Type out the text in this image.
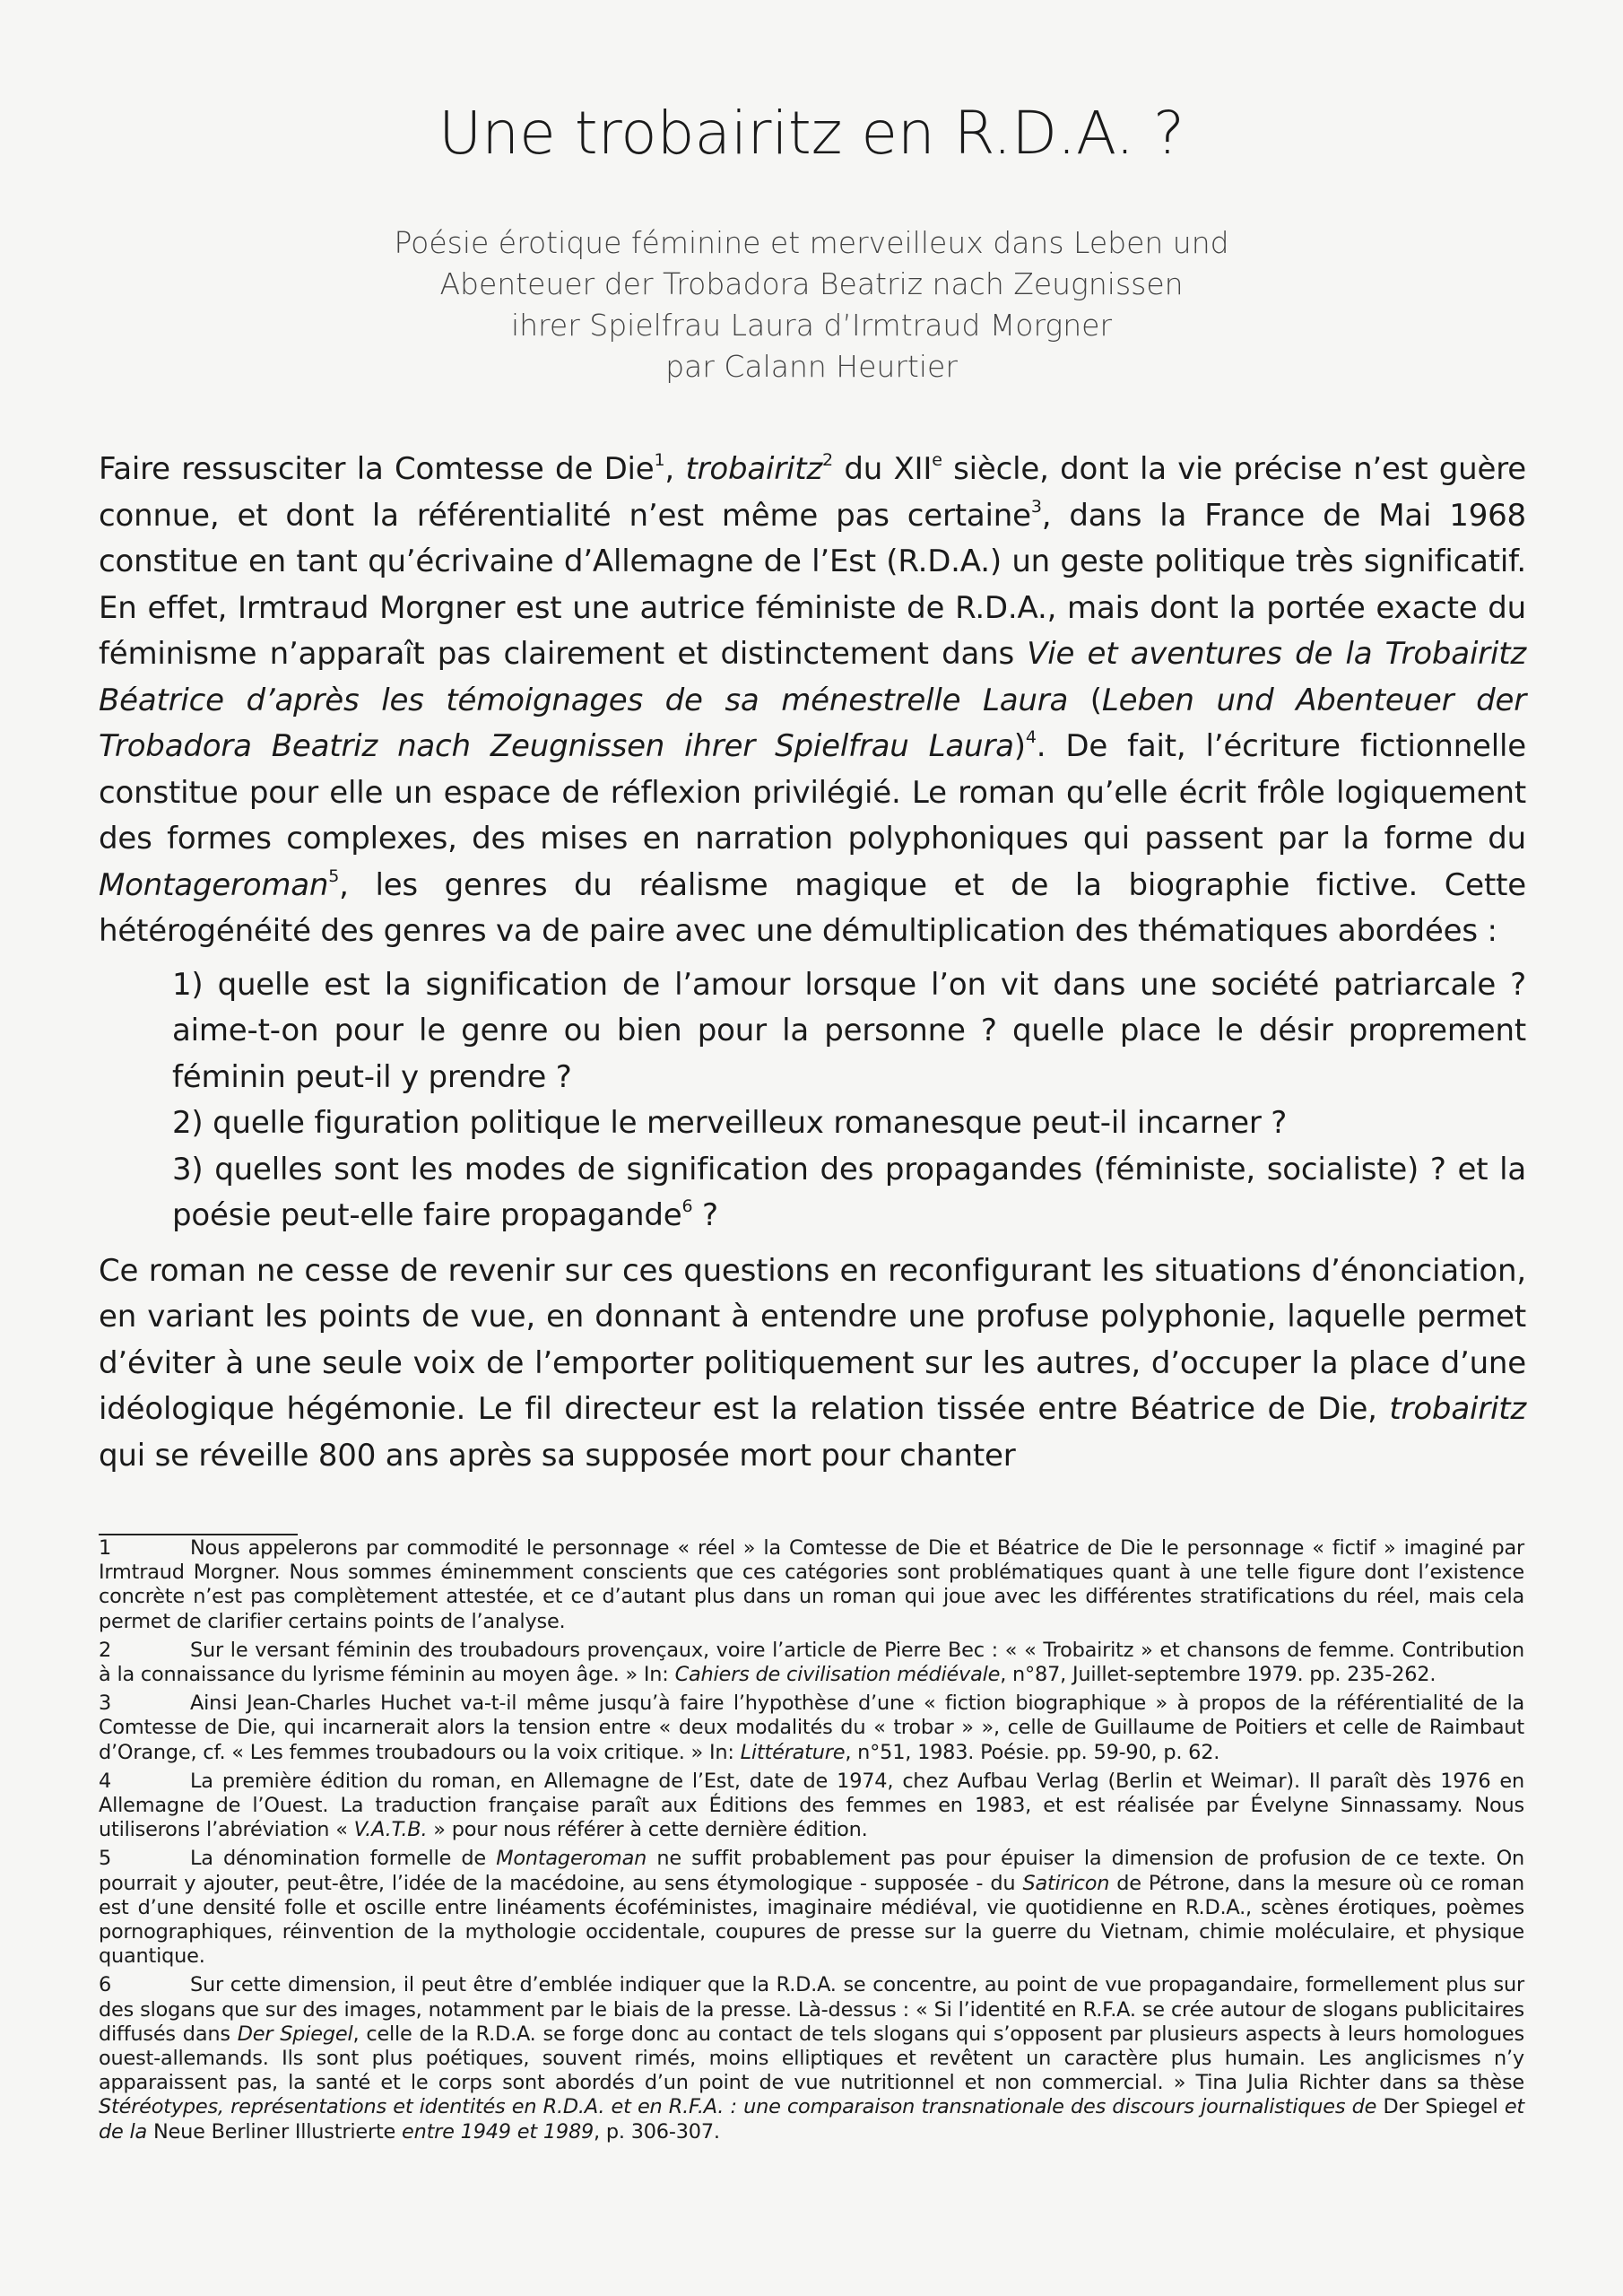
Une trobairitz en R.D.A. ?
Poésie érotique féminine et merveilleux dans Leben und
Abenteuer der Trobadora Beatriz nach Zeugnissen
ihrer Spielfrau Laura d’Irmtraud Morgner
par Calann Heurtier

Faire ressusciter la Comtesse de Die$^1$, trobairitz$^2$ du XIIe siècle, dont la vie précise n’est guère connue, et dont la référentialité n’est même pas certaine$^3$, dans la France de Mai 1968 constitue en tant qu’écrivaine d’Allemagne de l’Est (R.D.A.) un geste politique très significatif. En effet, Irmtraud Morgner est une autrice féministe de R.D.A., mais dont la portée exacte du féminisme n’apparaît pas clairement et distinctement dans Vie et aventures de la Trobairitz Béatrice d’après les témoignages de sa ménestrelle Laura (Leben und Abenteuer der Trobadora Beatriz nach Zeugnissen ihrer Spielfrau Laura)$^4$. De fait, l’écriture fictionnelle constitue pour elle un espace de réflexion privilégié. Le roman qu’elle écrit frôle logiquement des formes complexes, des mises en narration polyphoniques qui passent par la forme du Montageroman$^5$, les genres du réalisme magique et de la biographie fictive. Cette hétérogénéité des genres va de paire avec une démultiplication des thématiques abordées :

1) quelle est la signification de l’amour lorsque l’on vit dans une société patriarcale ? aime-t-on pour le genre ou bien pour la personne ? quelle place le désir proprement féminin peut-il y prendre ?

2) quelle figuration politique le merveilleux romanesque peut-il incarner ?

3) quelles sont les modes de signification des propagandes (féministe, socialiste) ? et la poésie peut-elle faire propagande$^6$ ?

Ce roman ne cesse de revenir sur ces questions en reconfigurant les situations d’énonciation, en variant les points de vue, en donnant à entendre une profuse polyphonie, laquelle permet d’éviter à une seule voix de l’emporter politiquement sur les autres, d’occuper la place d’une idéologique hégémonie. Le fil directeur est la relation tissée entre Béatrice de Die, trobairitz qui se réveille 800 ans après sa supposée mort pour chanter

1	Nous appelerons par commodité le personnage « réel » la Comtesse de Die et Béatrice de Die le personnage « fictif » imaginé par Irmtraud Morgner. Nous sommes éminemment conscients que ces catégories sont problématiques quant à une telle figure dont l’existence concrète n’est pas complètement attestée, et ce d’autant plus dans un roman qui joue avec les différentes stratifications du réel, mais cela permet de clarifier certains points de l’analyse.

2	Sur le versant féminin des troubadours provençaux, voire l’article de Pierre Bec : « « Trobairitz » et chansons de femme. Contribution à la connaissance du lyrisme féminin au moyen âge. » In: Cahiers de civilisation médiévale, n°87, Juillet-septembre 1979. pp. 235-262.

3	Ainsi Jean-Charles Huchet va-t-il même jusqu’à faire l’hypothèse d’une « fiction biographique » à propos de la référentialité de la Comtesse de Die, qui incarnerait alors la tension entre « deux modalités du « trobar » », celle de Guillaume de Poitiers et celle de Raimbaut d’Orange, cf. « Les femmes troubadours ou la voix critique. » In: Littérature, n°51, 1983. Poésie. pp. 59-90, p. 62.

4	La première édition du roman, en Allemagne de l’Est, date de 1974, chez Aufbau Verlag (Berlin et Weimar). Il paraît dès 1976 en Allemagne de l’Ouest. La traduction française paraît aux Éditions des femmes en 1983, et est réalisée par Évelyne Sinnassamy. Nous utiliserons l’abréviation « V.A.T.B. » pour nous référer à cette dernière édition.

5	La dénomination formelle de Montageroman ne suffit probablement pas pour épuiser la dimension de profusion de ce texte. On pourrait y ajouter, peut-être, l’idée de la macédoine, au sens étymologique - supposée - du Satiricon de Pétrone, dans la mesure où ce roman est d’une densité folle et oscille entre linéaments écoféministes, imaginaire médiéval, vie quotidienne en R.D.A., scènes érotiques, poèmes pornographiques, réinvention de la mythologie occidentale, coupures de presse sur la guerre du Vietnam, chimie moléculaire, et physique quantique.

6	Sur cette dimension, il peut être d’emblée indiquer que la R.D.A. se concentre, au point de vue propagandaire, formellement plus sur des slogans que sur des images, notamment par le biais de la presse. Là-dessus : « Si l’identité en R.F.A. se crée autour de slogans publicitaires diffusés dans Der Spiegel, celle de la R.D.A. se forge donc au contact de tels slogans qui s’opposent par plusieurs aspects à leurs homologues ouest-allemands. Ils sont plus poétiques, souvent rimés, moins elliptiques et revêtent un caractère plus humain. Les anglicismes n’y apparaissent pas, la santé et le corps sont abordés d’un point de vue nutritionnel et non commercial. » Tina Julia Richter dans sa thèse Stéréotypes, représentations et identités en R.D.A. et en R.F.A. : une comparaison transnationale des discours journalistiques de Der Spiegel et de la Neue Berliner Illustrierte entre 1949 et 1989, p. 306-307.
